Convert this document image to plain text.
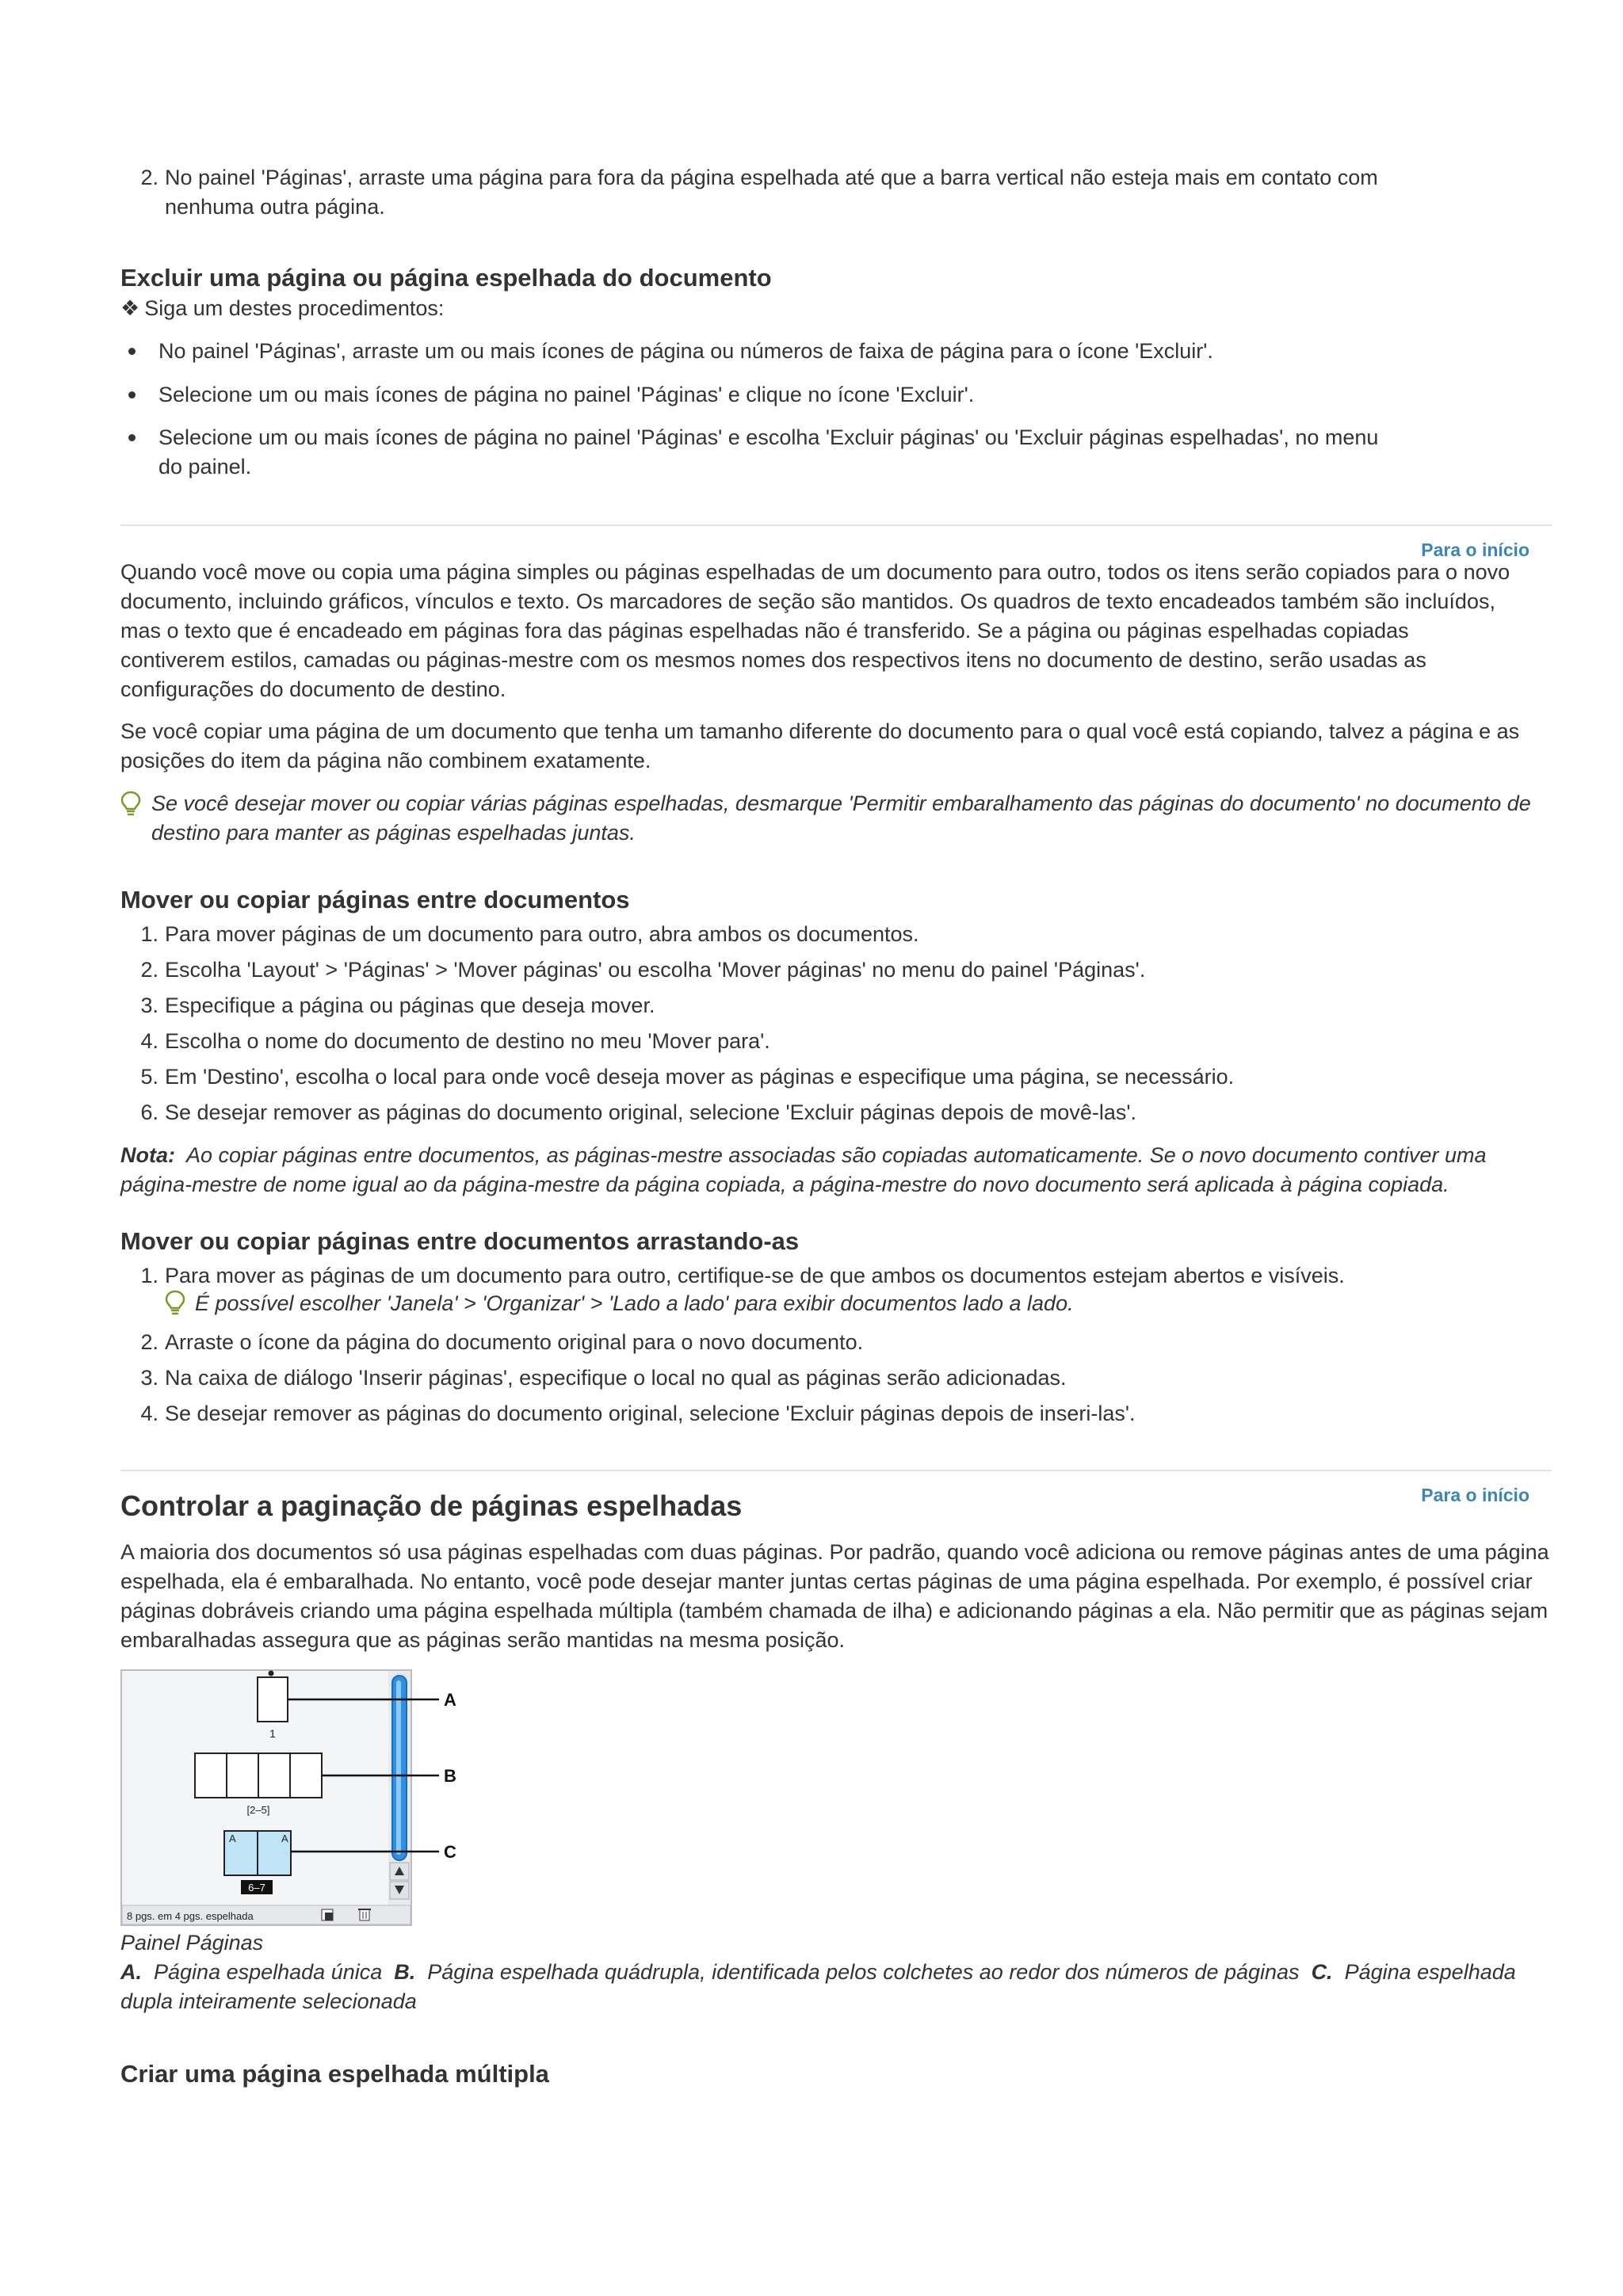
2. No painel 'Páginas', arraste uma página para fora da página espelhada até que a barra vertical não esteja mais em contato com nenhuma outra página.
Excluir uma página ou página espelhada do documento
❖ Siga um destes procedimentos:
No painel 'Páginas', arraste um ou mais ícones de página ou números de faixa de página para o ícone 'Excluir'.
Selecione um ou mais ícones de página no painel 'Páginas' e clique no ícone 'Excluir'.
Selecione um ou mais ícones de página no painel 'Páginas' e escolha 'Excluir páginas' ou 'Excluir páginas espelhadas', no menu do painel.
Para o início
Quando você move ou copia uma página simples ou páginas espelhadas de um documento para outro, todos os itens serão copiados para o novo documento, incluindo gráficos, vínculos e texto. Os marcadores de seção são mantidos. Os quadros de texto encadeados também são incluídos, mas o texto que é encadeado em páginas fora das páginas espelhadas não é transferido. Se a página ou páginas espelhadas copiadas contiverem estilos, camadas ou páginas-mestre com os mesmos nomes dos respectivos itens no documento de destino, serão usadas as configurações do documento de destino.
Se você copiar uma página de um documento que tenha um tamanho diferente do documento para o qual você está copiando, talvez a página e as posições do item da página não combinem exatamente.
Se você desejar mover ou copiar várias páginas espelhadas, desmarque 'Permitir embaralhamento das páginas do documento' no documento de destino para manter as páginas espelhadas juntas.
Mover ou copiar páginas entre documentos
1. Para mover páginas de um documento para outro, abra ambos os documentos.
2. Escolha 'Layout' > 'Páginas' > 'Mover páginas' ou escolha 'Mover páginas' no menu do painel 'Páginas'.
3. Especifique a página ou páginas que deseja mover.
4. Escolha o nome do documento de destino no meu 'Mover para'.
5. Em 'Destino', escolha o local para onde você deseja mover as páginas e especifique uma página, se necessário.
6. Se desejar remover as páginas do documento original, selecione 'Excluir páginas depois de movê-las'.
Nota: Ao copiar páginas entre documentos, as páginas-mestre associadas são copiadas automaticamente. Se o novo documento contiver uma página-mestre de nome igual ao da página-mestre da página copiada, a página-mestre do novo documento será aplicada à página copiada.
Mover ou copiar páginas entre documentos arrastando-as
1. Para mover as páginas de um documento para outro, certifique-se de que ambos os documentos estejam abertos e visíveis.
É possível escolher 'Janela' > 'Organizar' > 'Lado a lado' para exibir documentos lado a lado.
2. Arraste o ícone da página do documento original para o novo documento.
3. Na caixa de diálogo 'Inserir páginas', especifique o local no qual as páginas serão adicionadas.
4. Se desejar remover as páginas do documento original, selecione 'Excluir páginas depois de inseri-las'.
Para o início
Controlar a paginação de páginas espelhadas
A maioria dos documentos só usa páginas espelhadas com duas páginas. Por padrão, quando você adiciona ou remove páginas antes de uma página espelhada, ela é embaralhada. No entanto, você pode desejar manter juntas certas páginas de uma página espelhada. Por exemplo, é possível criar páginas dobráveis criando uma página espelhada múltipla (também chamada de ilha) e adicionando páginas a ela. Não permitir que as páginas sejam embaralhadas assegura que as páginas serão mantidas na mesma posição.
1
[2–5]
A	A
6–7
8 pgs. em 4 pgs. espelhada
A
B
C
Painel Páginas
A. Página espelhada única B. Página espelhada quádrupla, identificada pelos colchetes ao redor dos números de páginas C. Página espelhada dupla inteiramente selecionada
Criar uma página espelhada múltipla
